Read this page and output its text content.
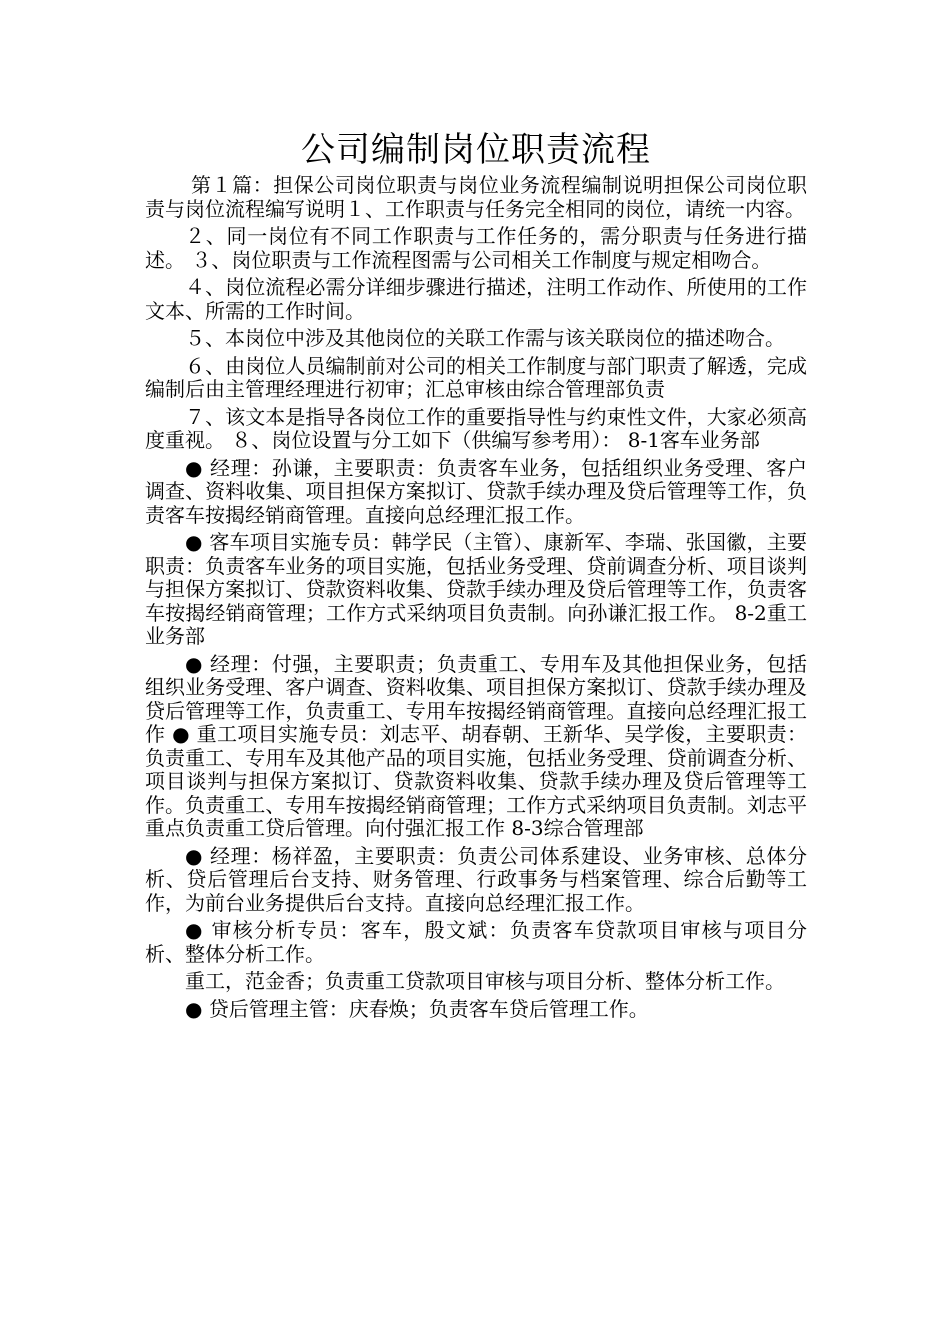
公司编制岗位职责流程

第１篇：担保公司岗位职责与岗位业务流程编制说明担保公司岗位职责与岗位流程编写说明１、工作职责与任务完全相同的岗位，请统一内容。

２、同一岗位有不同工作职责与工作任务的，需分职责与任务进行描述。 ３、岗位职责与工作流程图需与公司相关工作制度与规定相吻合。

４、岗位流程必需分详细步骤进行描述，注明工作动作、所使用的工作文本、所需的工作时间。

５、本岗位中涉及其他岗位的关联工作需与该关联岗位的描述吻合。

６、由岗位人员编制前对公司的相关工作制度与部门职责了解透，完成编制后由主管理经理进行初审；汇总审核由综合管理部负责

７、该文本是指导各岗位工作的重要指导性与约束性文件，大家必须高度重视。 ８、岗位设置与分工如下（供编写参考用）： 8-1客车业务部

● 经理：孙谦，主要职责：负责客车业务，包括组织业务受理、客户调查、资料收集、项目担保方案拟订、贷款手续办理及贷后管理等工作，负责客车按揭经销商管理。直接向总经理汇报工作。

● 客车项目实施专员：韩学民（主管）、康新军、李瑞、张国徽，主要职责：负责客车业务的项目实施，包括业务受理、贷前调查分析、项目谈判与担保方案拟订、贷款资料收集、贷款手续办理及贷后管理等工作，负责客车按揭经销商管理；工作方式采纳项目负责制。向孙谦汇报工作。 8-2重工业务部

● 经理：付强，主要职责；负责重工、专用车及其他担保业务，包括组织业务受理、客户调查、资料收集、项目担保方案拟订、贷款手续办理及贷后管理等工作，负责重工、专用车按揭经销商管理。直接向总经理汇报工作 ● 重工项目实施专员：刘志平、胡春朝、王新华、吴学俊，主要职责：负责重工、专用车及其他产品的项目实施，包括业务受理、贷前调查分析、项目谈判与担保方案拟订、贷款资料收集、贷款手续办理及贷后管理等工作。负责重工、专用车按揭经销商管理；工作方式采纳项目负责制。刘志平重点负责重工贷后管理。向付强汇报工作 8-3综合管理部

● 经理：杨祥盈，主要职责：负责公司体系建设、业务审核、总体分析、贷后管理后台支持、财务管理、行政事务与档案管理、综合后勤等工作，为前台业务提供后台支持。直接向总经理汇报工作。

● 审核分析专员：客车，殷文斌：负责客车贷款项目审核与项目分析、整体分析工作。

重工，范金香；负责重工贷款项目审核与项目分析、整体分析工作。

● 贷后管理主管：庆春焕；负责客车贷后管理工作。
